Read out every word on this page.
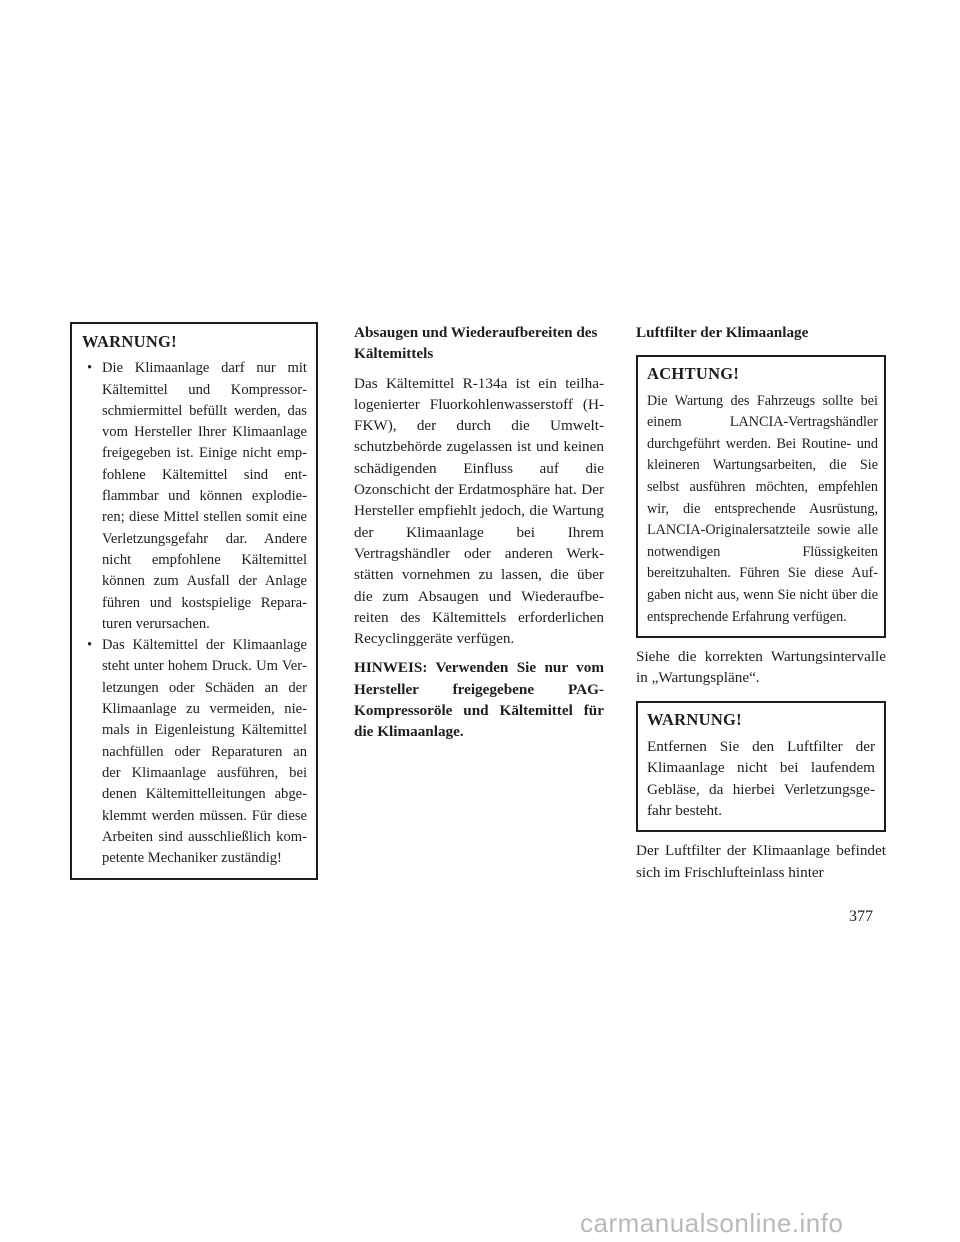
WARNUNG!

• Die Klimaanlage darf nur mit Kältemittel und Kompressorschmiermittel befüllt werden, das vom Hersteller Ihrer Klimaanlage freigegeben ist. Einige nicht empfohlene Kältemittel sind entflammbar und können explodieren; diese Mittel stellen somit eine Verletzungsgefahr dar. Andere nicht empfohlene Kältemittel können zum Ausfall der Anlage führen und kostspielige Reparaturen verursachen.
• Das Kältemittel der Klimaanlage steht unter hohem Druck. Um Verletzungen oder Schäden an der Klimaanlage zu vermeiden, niemals in Eigenleistung Kältemittel nachfüllen oder Reparaturen an der Klimaanlage ausführen, bei denen Kältemittelleitungen abgeklemmt werden müssen. Für diese Arbeiten sind ausschließlich kompetente Mechaniker zuständig!

Absaugen und Wiederaufbereiten des Kältemittels

Das Kältemittel R-134a ist ein teilhalogenierter Fluorkohlenwasserstoff (H-FKW), der durch die Umweltschutzbehörde zugelassen ist und keinen schädigenden Einfluss auf die Ozonschicht der Erdatmosphäre hat. Der Hersteller empfiehlt jedoch, die Wartung der Klimaanlage bei Ihrem Vertragshändler oder anderen Werkstätten vornehmen zu lassen, die über die zum Absaugen und Wiederaufbereiten des Kältemittels erforderlichen Recyclinggeräte verfügen.

HINWEIS: Verwenden Sie nur vom Hersteller freigegebene PAG-Kompressoröle und Kältemittel für die Klimaanlage.

Luftfilter der Klimaanlage

ACHTUNG!

Die Wartung des Fahrzeugs sollte bei einem LANCIA-Vertragshändler durchgeführt werden. Bei Routine- und kleineren Wartungsarbeiten, die Sie selbst ausführen möchten, empfehlen wir, die entsprechende Ausrüstung, LANCIA-Originalersatzteile sowie alle notwendigen Flüssigkeiten bereitzuhalten. Führen Sie diese Aufgaben nicht aus, wenn Sie nicht über die entsprechende Erfahrung verfügen.

Siehe die korrekten Wartungsintervalle in „Wartungspläne“.

WARNUNG!

Entfernen Sie den Luftfilter der Klimaanlage nicht bei laufendem Gebläse, da hierbei Verletzungsgefahr besteht.

Der Luftfilter der Klimaanlage befindet sich im Frischlufteinlass hinter

377
carmanualsonline.info
